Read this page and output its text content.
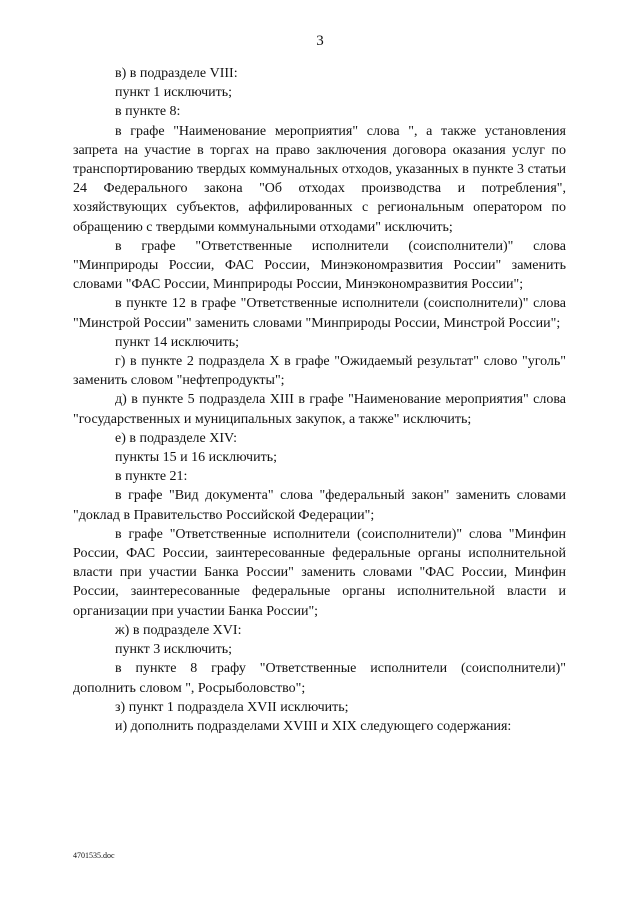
3

в) в подразделе VIII:

пункт 1 исключить;

в пункте 8:

в графе "Наименование мероприятия" слова ", а также установления запрета на участие в торгах на право заключения договора оказания услуг по транспортированию твердых коммунальных отходов, указанных в пункте 3 статьи 24 Федерального закона "Об отходах производства и потребления", хозяйствующих субъектов, аффилированных с региональным оператором по обращению с твердыми коммунальными отходами" исключить;

в графе "Ответственные исполнители (соисполнители)" слова "Минприроды России, ФАС России, Минэкономразвития России" заменить словами "ФАС России, Минприроды России, Минэкономразвития России";

в пункте 12 в графе "Ответственные исполнители (соисполнители)" слова "Минстрой России" заменить словами "Минприроды России, Минстрой России";

пункт 14 исключить;

г) в пункте 2 подраздела X в графе "Ожидаемый результат" слово "уголь" заменить словом "нефтепродукты";

д) в пункте 5 подраздела XIII в графе "Наименование мероприятия" слова "государственных и муниципальных закупок, а также" исключить;

е) в подразделе XIV:

пункты 15 и 16 исключить;

в пункте 21:

в графе "Вид документа" слова "федеральный закон" заменить словами "доклад в Правительство Российской Федерации";

в графе "Ответственные исполнители (соисполнители)" слова "Минфин России, ФАС России, заинтересованные федеральные органы исполнительной власти при участии Банка России" заменить словами "ФАС России, Минфин России, заинтересованные федеральные органы исполнительной власти и организации при участии Банка России";

ж) в подразделе XVI:

пункт 3 исключить;

в пункте 8 графу "Ответственные исполнители (соисполнители)" дополнить словом ", Росрыболовство";

з) пункт 1 подраздела XVII исключить;

и) дополнить подразделами XVIII и XIX следующего содержания:

4701535.doc
